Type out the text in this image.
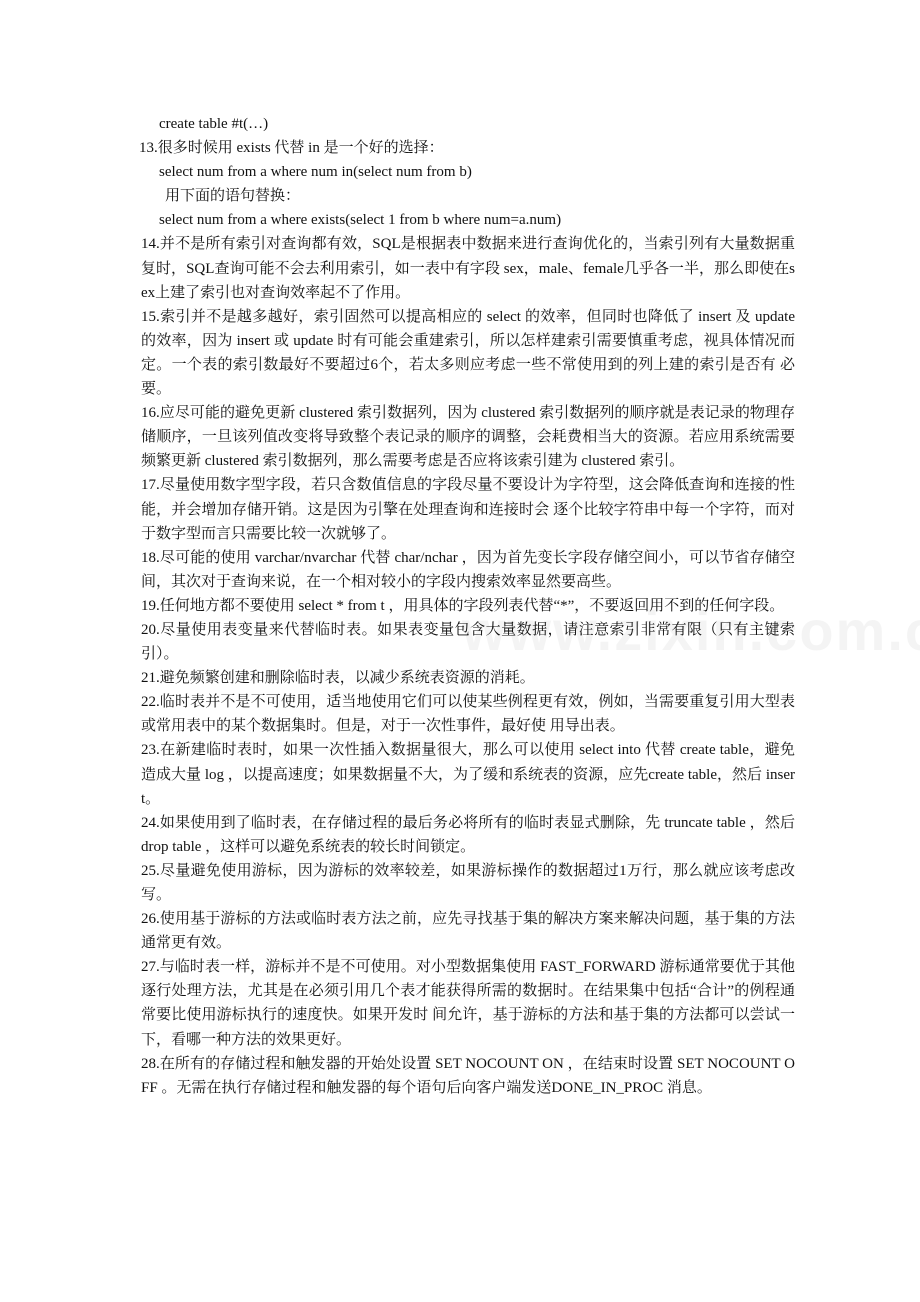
create table #t(…)
13.很多时候用 exists 代替 in 是一个好的选择：
select num from a where num in(select num from b)
用下面的语句替换：
select num from a where exists(select 1 from b where num=a.num)

14.并不是所有索引对查询都有效，SQL是根据表中数据来进行查询优化的，当索引列有大量数据重复时，SQL查询可能不会去利用索引，如一表中有字段 sex，male、female几乎各一半，那么即使在sex上建了索引也对查询效率起不了作用。

15.索引并不是越多越好，索引固然可以提高相应的 select 的效率，但同时也降低了 insert 及 update 的效率，因为 insert 或 update 时有可能会重建索引，所以怎样建索引需要慎重考虑，视具体情况而定。一个表的索引数最好不要超过6个，若太多则应考虑一些不常使用到的列上建的索引是否有 必要。

16.应尽可能的避免更新 clustered 索引数据列，因为 clustered 索引数据列的顺序就是表记录的物理存储顺序，一旦该列值改变将导致整个表记录的顺序的调整，会耗费相当大的资源。若应用系统需要频繁更新 clustered 索引数据列，那么需要考虑是否应将该索引建为 clustered 索引。

17.尽量使用数字型字段，若只含数值信息的字段尽量不要设计为字符型，这会降低查询和连接的性能，并会增加存储开销。这是因为引擎在处理查询和连接时会 逐个比较字符串中每一个字符，而对于数字型而言只需要比较一次就够了。

18.尽可能的使用 varchar/nvarchar 代替 char/nchar ，因为首先变长字段存储空间小，可以节省存储空间，其次对于查询来说，在一个相对较小的字段内搜索效率显然要高些。

19.任何地方都不要使用 select * from t ，用具体的字段列表代替“*”，不要返回用不到的任何字段。

20.尽量使用表变量来代替临时表。如果表变量包含大量数据，请注意索引非常有限（只有主键索引）。

21.避免频繁创建和删除临时表，以减少系统表资源的消耗。

22.临时表并不是不可使用，适当地使用它们可以使某些例程更有效，例如，当需要重复引用大型表或常用表中的某个数据集时。但是，对于一次性事件，最好使 用导出表。

23.在新建临时表时，如果一次性插入数据量很大，那么可以使用 select into 代替 create table，避免造成大量 log ，以提高速度；如果数据量不大，为了缓和系统表的资源，应先create table，然后 insert。

24.如果使用到了临时表，在存储过程的最后务必将所有的临时表显式删除，先 truncate table ，然后 drop table ，这样可以避免系统表的较长时间锁定。

25.尽量避免使用游标，因为游标的效率较差，如果游标操作的数据超过1万行，那么就应该考虑改写。

26.使用基于游标的方法或临时表方法之前，应先寻找基于集的解决方案来解决问题，基于集的方法通常更有效。

27.与临时表一样，游标并不是不可使用。对小型数据集使用 FAST_FORWARD 游标通常要优于其他逐行处理方法，尤其是在必须引用几个表才能获得所需的数据时。在结果集中包括“合计”的例程通常要比使用游标执行的速度快。如果开发时 间允许，基于游标的方法和基于集的方法都可以尝试一下，看哪一种方法的效果更好。

28.在所有的存储过程和触发器的开始处设置 SET NOCOUNT ON ，在结束时设置 SET NOCOUNT OFF 。无需在执行存储过程和触发器的每个语句后向客户端发送DONE_IN_PROC 消息。
